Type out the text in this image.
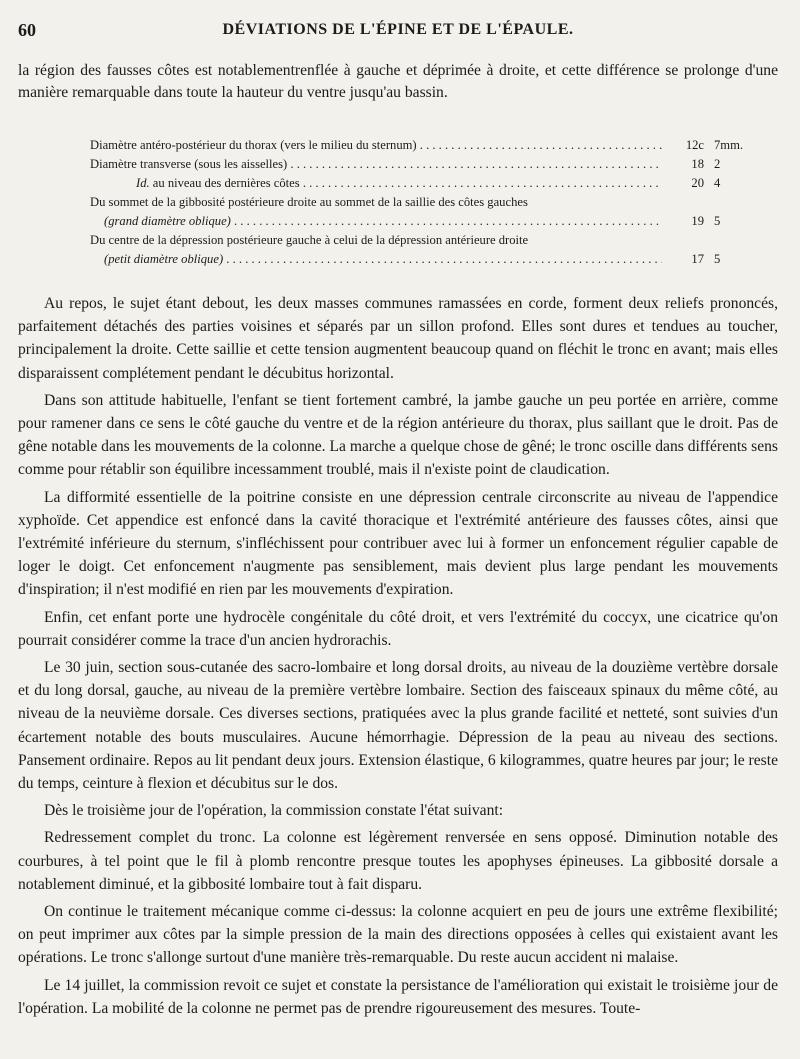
60	DÉVIATIONS DE L'ÉPINE ET DE L'ÉPAULE.
la région des fausses côtes est notablementrenflée à gauche et déprimée à droite, et cette différence se prolonge d'une manière remarquable dans toute la hauteur du ventre jusqu'au bassin.
Diamètre antéro-postérieur du thorax (vers le milieu du sternum) . . .	12c 7mm.
Diamètre transverse (sous les aisselles) . . .	18 2
Id. au niveau des dernières côtes . . .	20 4
Du sommet de la gibbosité postérieure droite au sommet de la saillie des côtes gauches
(grand diamètre oblique) . . .	19 5
Du centre de la dépression postérieure gauche à celui de la dépression antérieure droite
(petit diamètre oblique) . . .	17 5

Au repos, le sujet étant debout, les deux masses communes ramassées en corde, forment deux reliefs prononcés, parfaitement détachés des parties voisines et séparés par un sillon profond. Elles sont dures et tendues au toucher, principalement la droite. Cette saillie et cette tension augmentent beaucoup quand on fléchit le tronc en avant; mais elles disparaissent complétement pendant le décubitus horizontal.

Dans son attitude habituelle, l'enfant se tient fortement cambré, la jambe gauche un peu portée en arrière, comme pour ramener dans ce sens le côté gauche du ventre et de la région antérieure du thorax, plus saillant que le droit. Pas de gêne notable dans les mouvements de la colonne. La marche a quelque chose de gêné; le tronc oscille dans différents sens comme pour rétablir son équilibre incessamment troublé, mais il n'existe point de claudication.

La difformité essentielle de la poitrine consiste en une dépression centrale circonscrite au niveau de l'appendice xyphoïde. Cet appendice est enfoncé dans la cavité thoracique et l'extrémité antérieure des fausses côtes, ainsi que l'extrémité inférieure du sternum, s'infléchissent pour contribuer avec lui à former un enfoncement régulier capable de loger le doigt. Cet enfoncement n'augmente pas sensiblement, mais devient plus large pendant les mouvements d'inspiration; il n'est modifié en rien par les mouvements d'expiration.

Enfin, cet enfant porte une hydrocèle congénitale du côté droit, et vers l'extrémité du coccyx, une cicatrice qu'on pourrait considérer comme la trace d'un ancien hydrorachis.

Le 30 juin, section sous-cutanée des sacro-lombaire et long dorsal droits, au niveau de la douzième vertèbre dorsale et du long dorsal, gauche, au niveau de la première vertèbre lombaire. Section des faisceaux spinaux du même côté, au niveau de la neuvième dorsale. Ces diverses sections, pratiquées avec la plus grande facilité et netteté, sont suivies d'un écartement notable des bouts musculaires. Aucune hémorrhagie. Dépression de la peau au niveau des sections. Pansement ordinaire. Repos au lit pendant deux jours. Extension élastique, 6 kilogrammes, quatre heures par jour; le reste du temps, ceinture à flexion et décubitus sur le dos.

Dès le troisième jour de l'opération, la commission constate l'état suivant:

Redressement complet du tronc. La colonne est légèrement renversée en sens opposé. Diminution notable des courbures, à tel point que le fil à plomb rencontre presque toutes les apophyses épineuses. La gibbosité dorsale a notablement diminué, et la gibbosité lombaire tout à fait disparu.

On continue le traitement mécanique comme ci-dessus: la colonne acquiert en peu de jours une extrême flexibilité; on peut imprimer aux côtes par la simple pression de la main des directions opposées à celles qui existaient avant les opérations. Le tronc s'allonge surtout d'une manière très-remarquable. Du reste aucun accident ni malaise.

Le 14 juillet, la commission revoit ce sujet et constate la persistance de l'amélioration qui existait le troisième jour de l'opération. La mobilité de la colonne ne permet pas de prendre rigoureusement des mesures. Toute-
